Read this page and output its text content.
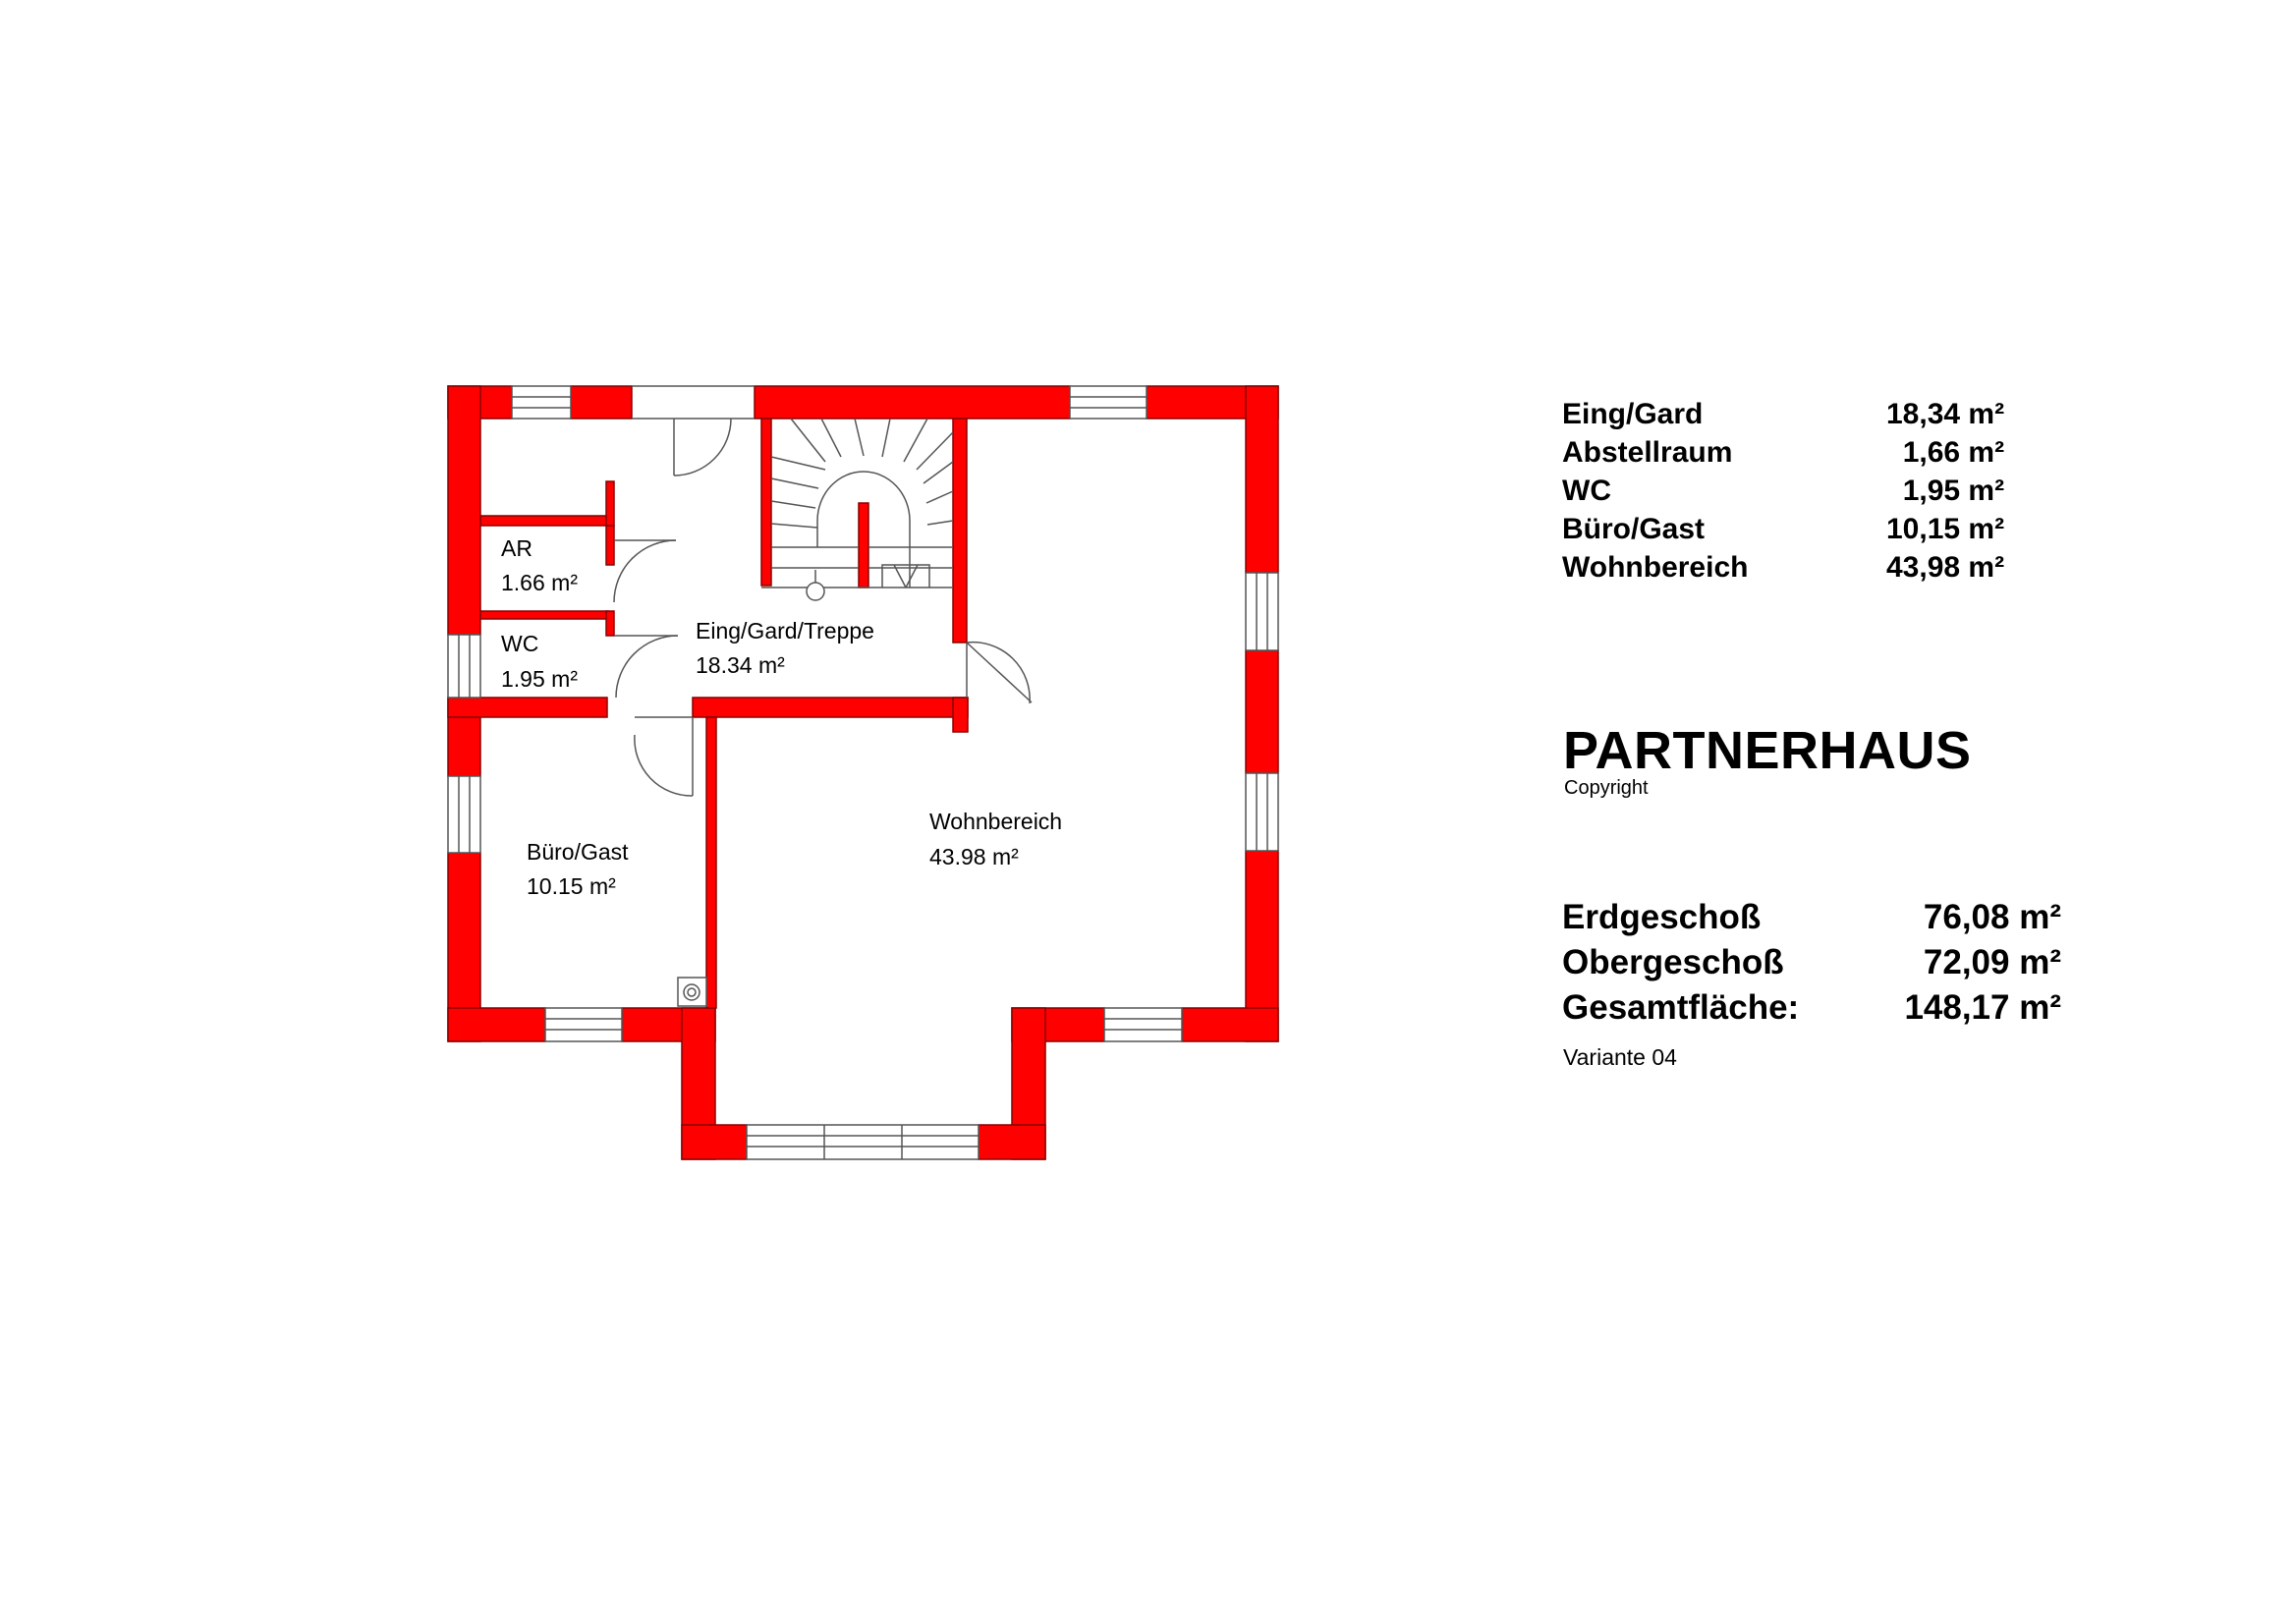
AR
1.66 m²
WC
1.95 m²
Eing/Gard/Treppe
18.34 m²
Büro/Gast
10.15 m²
Wohnbereich
43.98 m²
Eing/Gard	18,34 m²
Abstellraum	1,66 m²
WC	1,95 m²
Büro/Gast	10,15 m²
Wohnbereich	43,98 m²
PARTNERHAUS
Copyright
Erdgeschoß	76,08 m²
Obergeschoß	72,09 m²
Gesamtfläche:	148,17 m²
Variante 04
